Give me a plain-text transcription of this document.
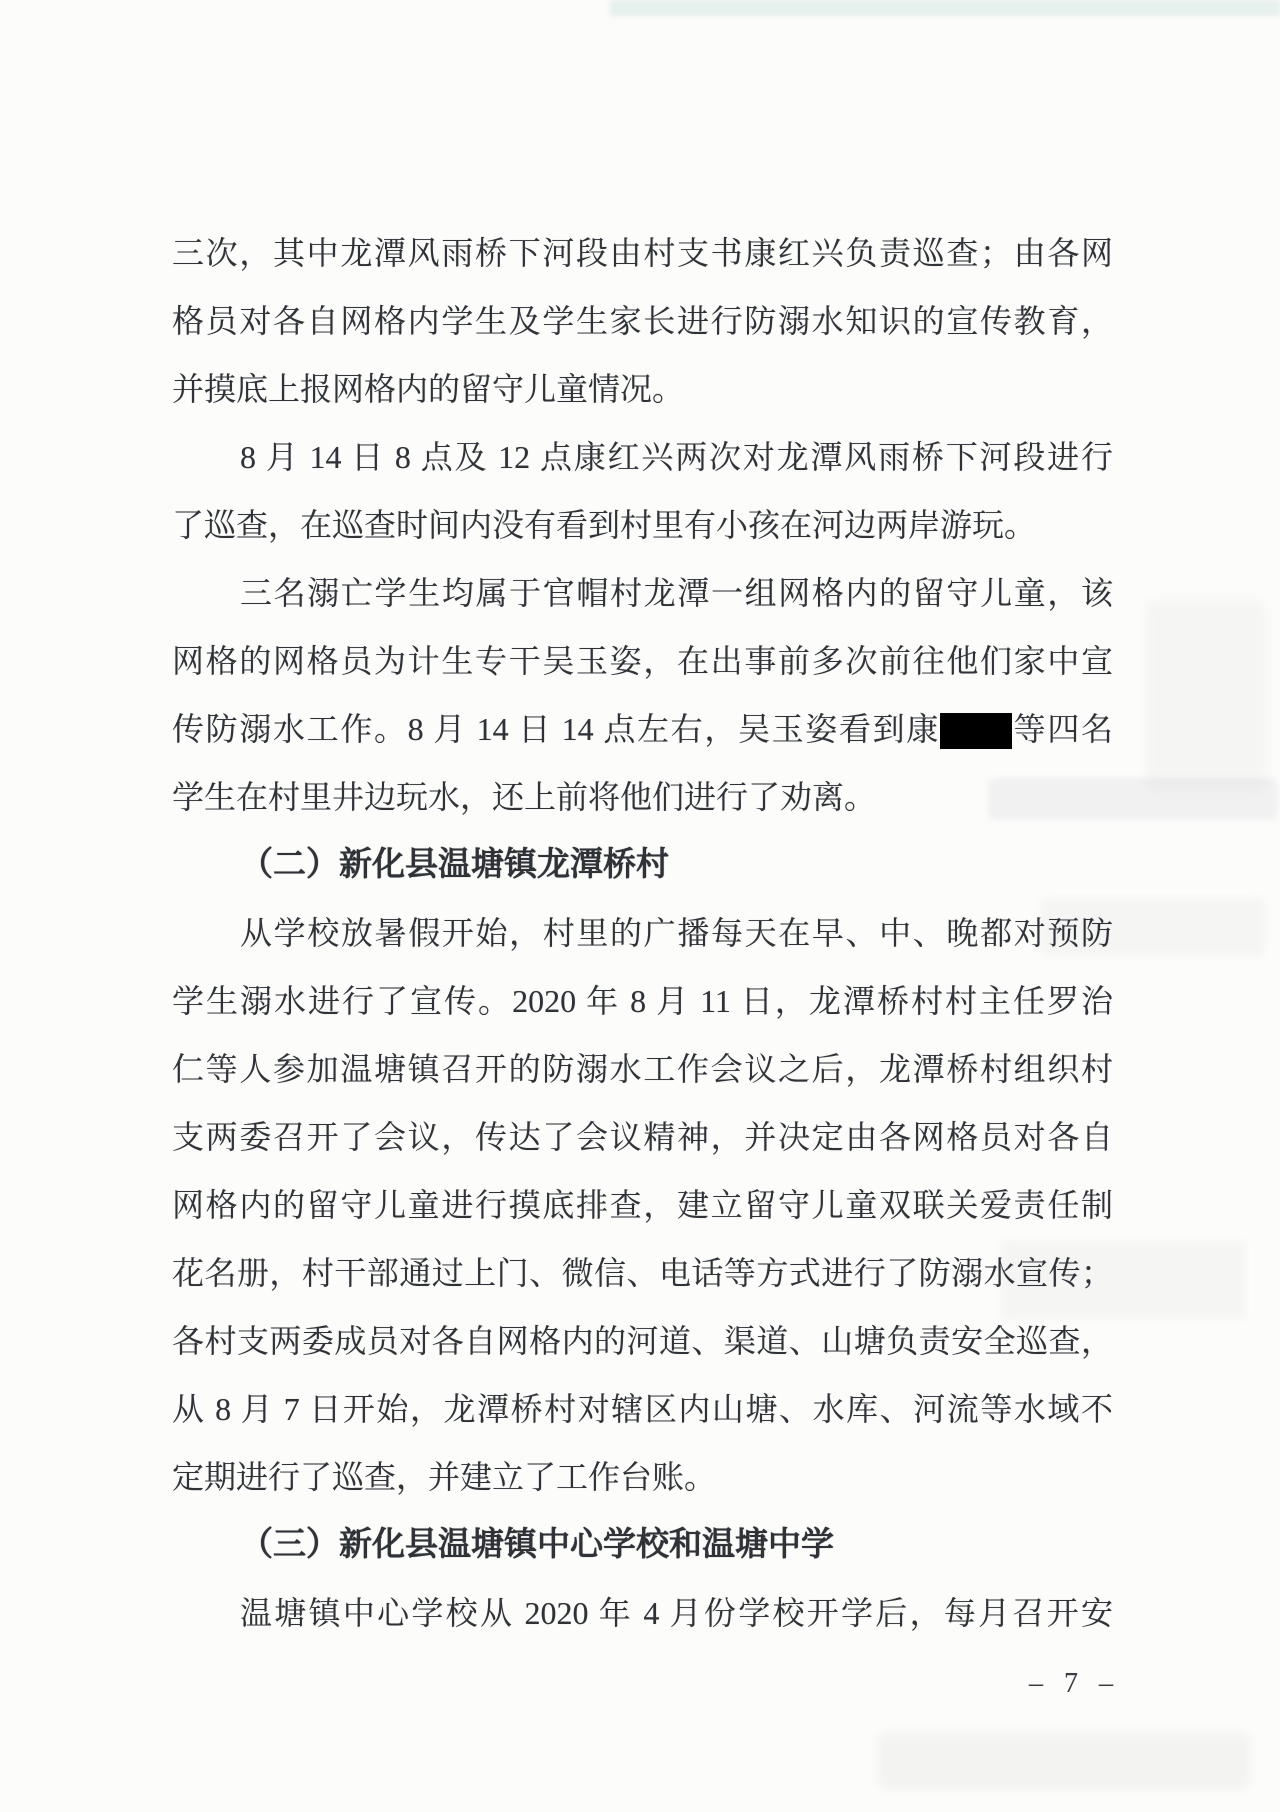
三次，其中龙潭风雨桥下河段由村支书康红兴负责巡查；由各网
格员对各自网格内学生及学生家长进行防溺水知识的宣传教育，
并摸底上报网格内的留守儿童情况。
8 月 14 日 8 点及 12 点康红兴两次对龙潭风雨桥下河段进行
了巡查，在巡查时间内没有看到村里有小孩在河边两岸游玩。
三名溺亡学生均属于官帽村龙潭一组网格内的留守儿童，该
网格的网格员为计生专干吴玉姿，在出事前多次前往他们家中宣
传防溺水工作。8 月 14 日 14 点左右，吴玉姿看到康 等四名
学生在村里井边玩水，还上前将他们进行了劝离。
（二）新化县温塘镇龙潭桥村
从学校放暑假开始，村里的广播每天在早、中、晚都对预防
学生溺水进行了宣传。2020 年 8 月 11 日，龙潭桥村村主任罗治
仁等人参加温塘镇召开的防溺水工作会议之后，龙潭桥村组织村
支两委召开了会议，传达了会议精神，并决定由各网格员对各自
网格内的留守儿童进行摸底排查，建立留守儿童双联关爱责任制
花名册，村干部通过上门、微信、电话等方式进行了防溺水宣传；
各村支两委成员对各自网格内的河道、渠道、山塘负责安全巡查，
从 8 月 7 日开始，龙潭桥村对辖区内山塘、水库、河流等水域不
定期进行了巡查，并建立了工作台账。
（三）新化县温塘镇中心学校和温塘中学
温塘镇中心学校从 2020 年 4 月份学校开学后，每月召开安
– 7 –
